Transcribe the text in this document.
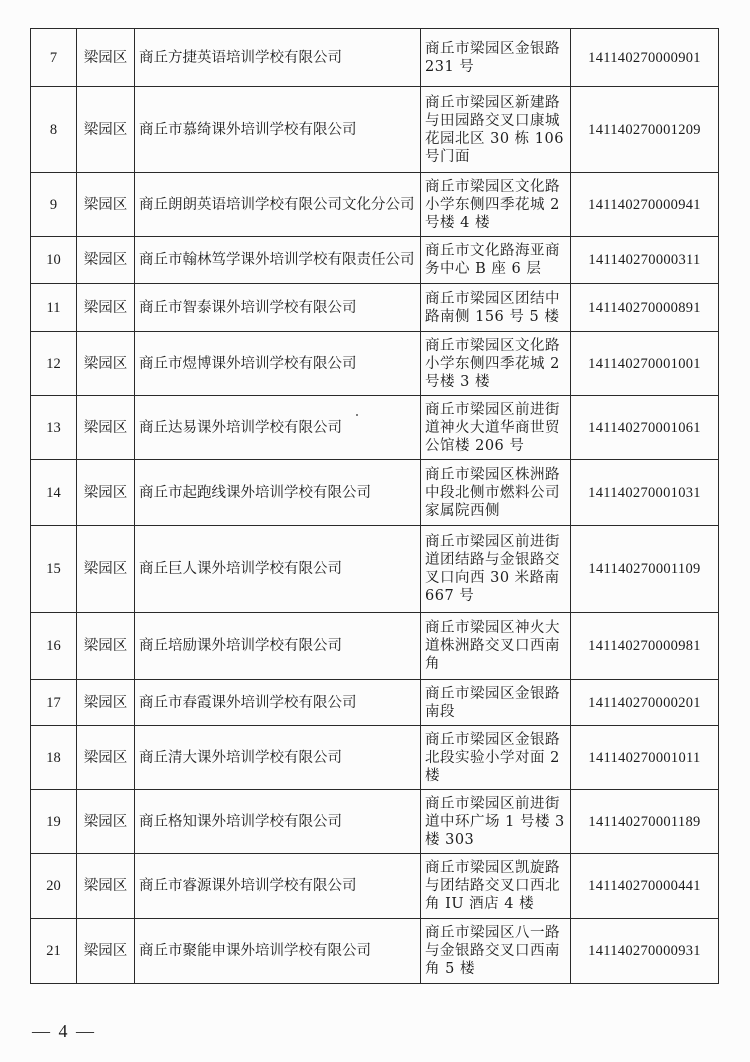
7	梁园区	商丘方捷英语培训学校有限公司	商丘市梁园区金银路 231 号	141140270000901
8	梁园区	商丘市慕绮课外培训学校有限公司	商丘市梁园区新建路与田园路交叉口康城花园北区 30 栋 106 号门面	141140270001209
9	梁园区	商丘朗朗英语培训学校有限公司文化分公司	商丘市梁园区文化路小学东侧四季花城 2 号楼 4 楼	141140270000941
10	梁园区	商丘市翰林笃学课外培训学校有限责任公司	商丘市文化路海亚商务中心 B 座 6 层	141140270000311
11	梁园区	商丘市智泰课外培训学校有限公司	商丘市梁园区团结中路南侧 156 号 5 楼	141140270000891
12	梁园区	商丘市煜博课外培训学校有限公司	商丘市梁园区文化路小学东侧四季花城 2 号楼 3 楼	141140270001001
13	梁园区	商丘达易课外培训学校有限公司	商丘市梁园区前进街道神火大道华商世贸公馆楼 206 号	141140270001061
14	梁园区	商丘市起跑线课外培训学校有限公司	商丘市梁园区株洲路中段北侧市燃料公司家属院西侧	141140270001031
15	梁园区	商丘巨人课外培训学校有限公司	商丘市梁园区前进街道团结路与金银路交叉口向西 30 米路南 667 号	141140270001109
16	梁园区	商丘培励课外培训学校有限公司	商丘市梁园区神火大道株洲路交叉口西南角	141140270000981
17	梁园区	商丘市春霞课外培训学校有限公司	商丘市梁园区金银路南段	141140270000201
18	梁园区	商丘清大课外培训学校有限公司	商丘市梁园区金银路北段实验小学对面 2 楼	141140270001011
19	梁园区	商丘格知课外培训学校有限公司	商丘市梁园区前进街道中环广场 1 号楼 3 楼 303	141140270001189
20	梁园区	商丘市睿源课外培训学校有限公司	商丘市梁园区凯旋路与团结路交叉口西北角 IU 酒店 4 楼	141140270000441
21	梁园区	商丘市聚能申课外培训学校有限公司	商丘市梁园区八一路与金银路交叉口西南角 5 楼	141140270000931
— 4 —
